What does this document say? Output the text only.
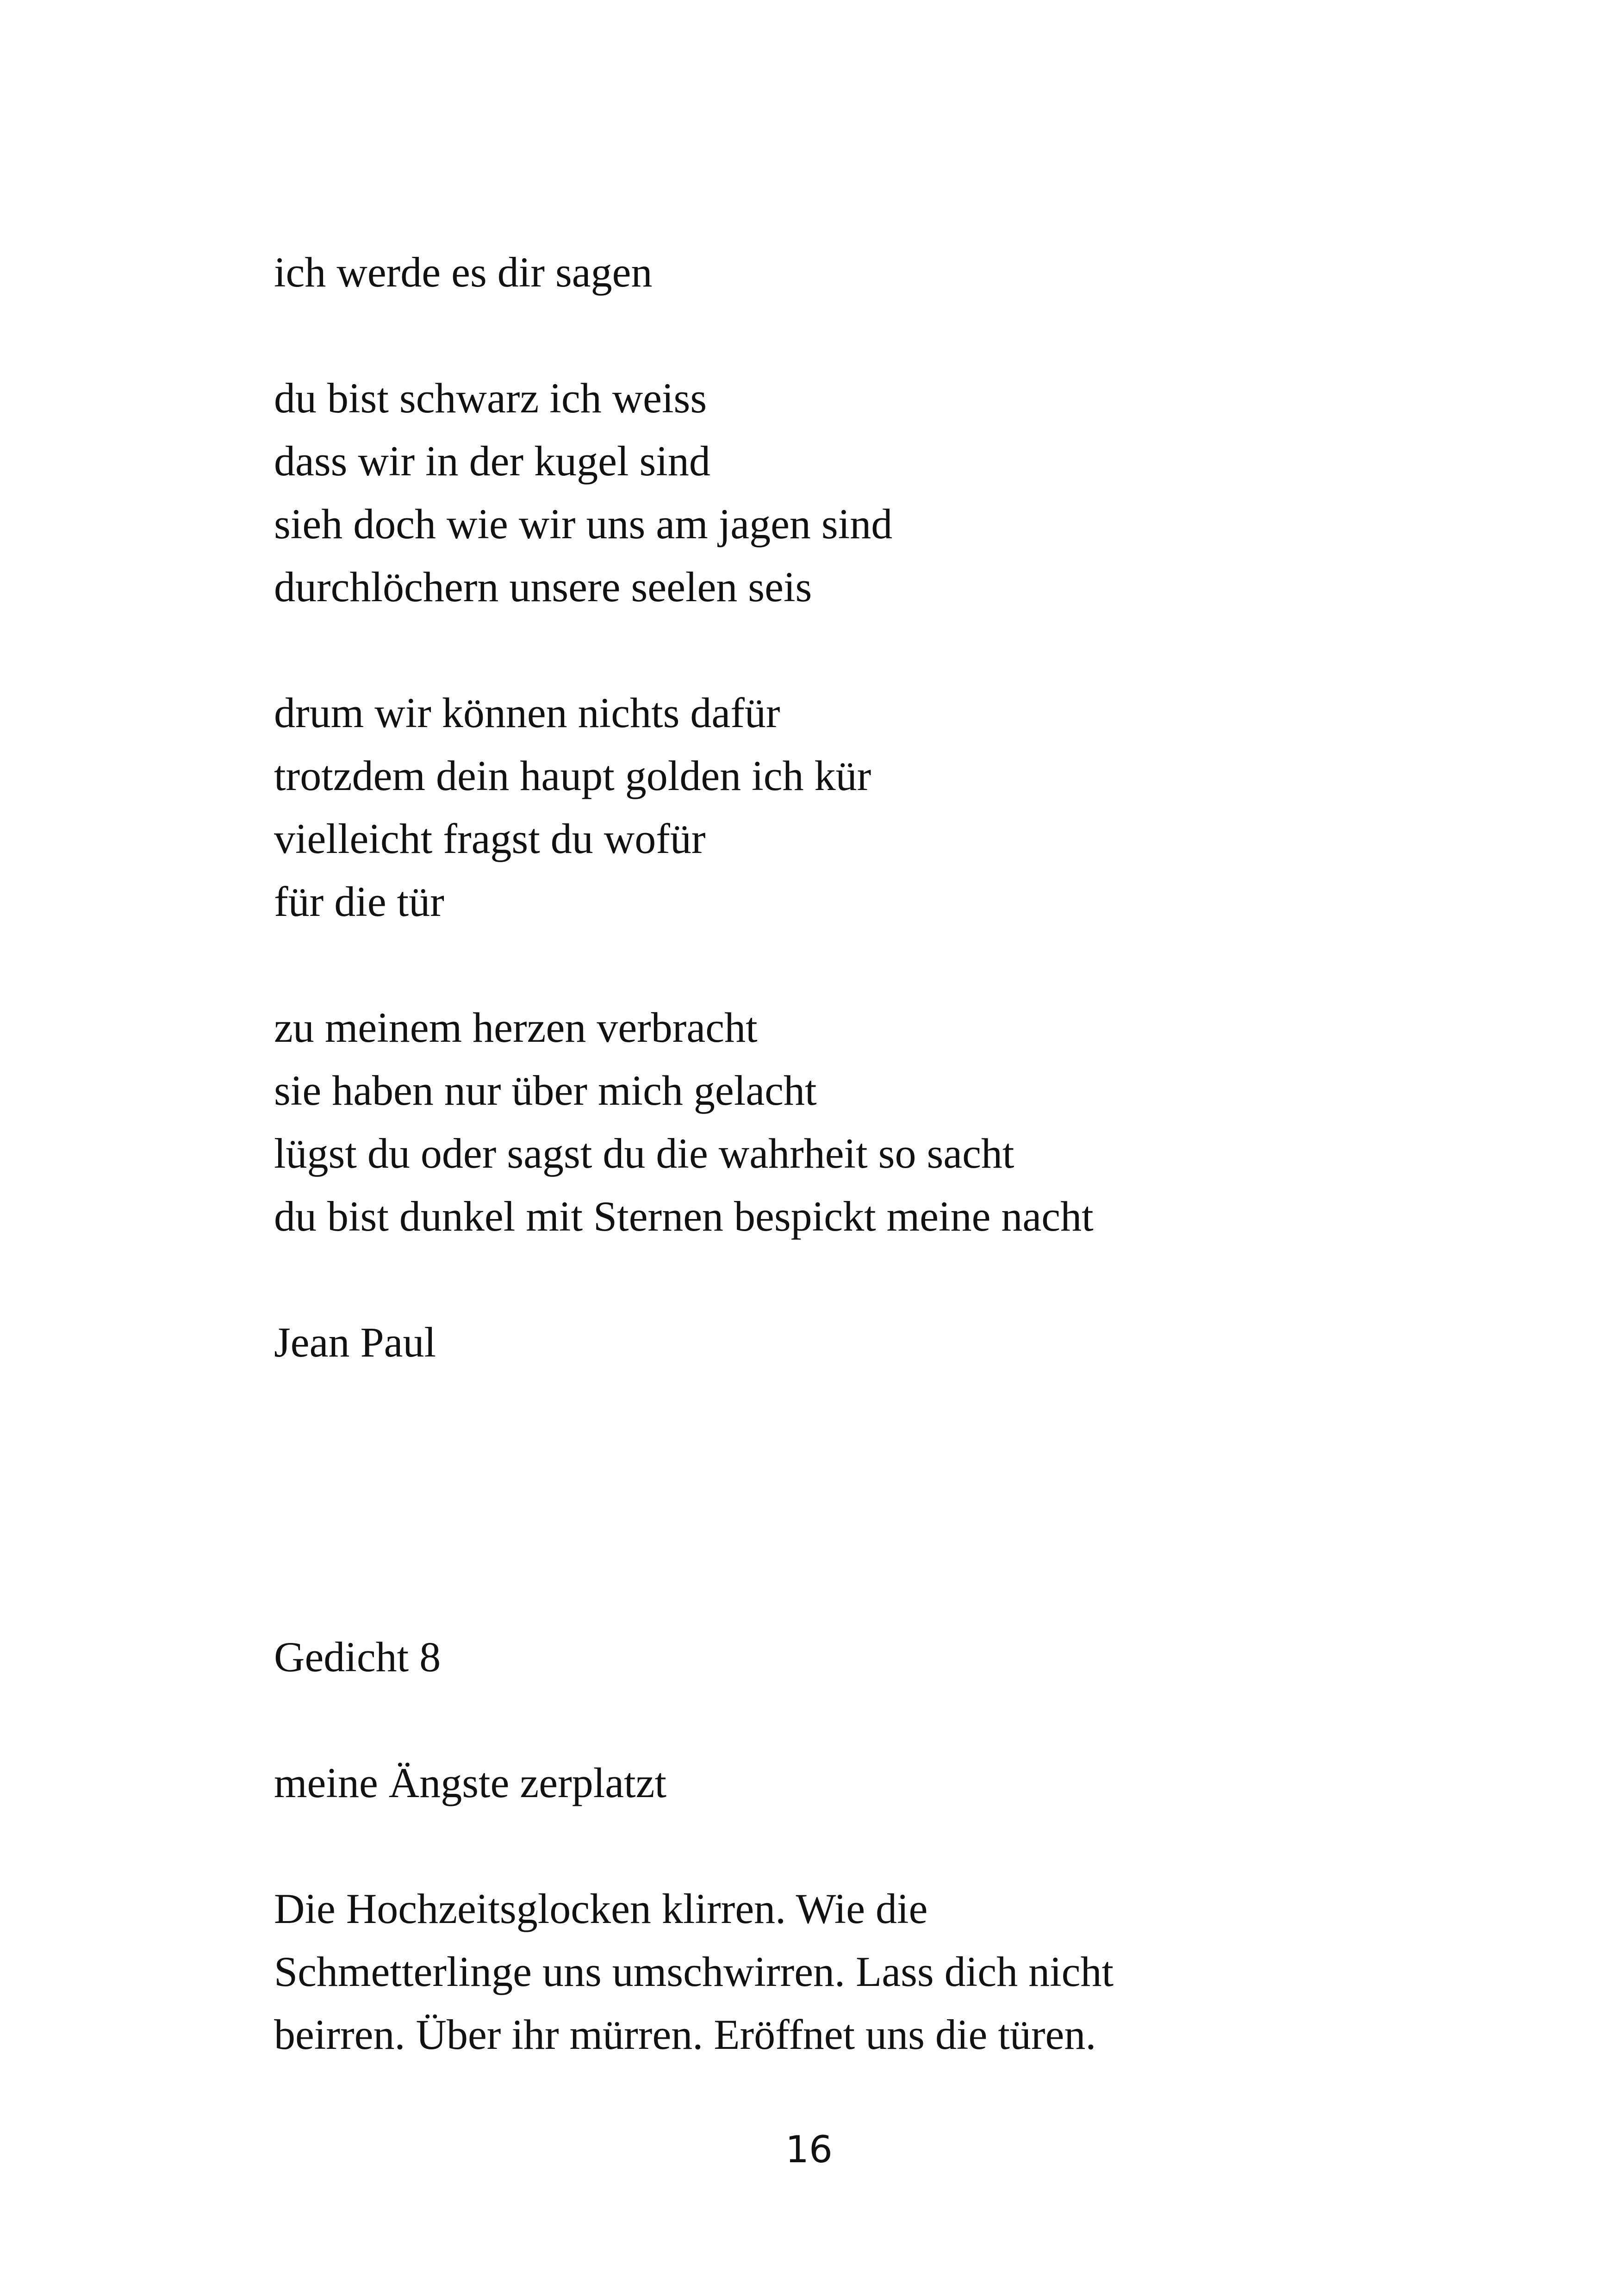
ich werde es dir sagen
du bist schwarz ich weiss
dass wir in der kugel sind
sieh doch wie wir uns am jagen sind
durchlöchern unsere seelen seis
drum wir können nichts dafür
trotzdem dein haupt golden ich kür
vielleicht fragst du wofür
für die tür
zu meinem herzen verbracht
sie haben nur über mich gelacht
lügst du oder sagst du die wahrheit so sacht
du bist dunkel mit Sternen bespickt meine nacht
Jean Paul
Gedicht 8
meine Ängste zerplatzt
Die Hochzeitsglocken klirren. Wie die
Schmetterlinge uns umschwirren. Lass dich nicht
beirren. Über ihr mürren. Eröffnet uns die türen.
16
